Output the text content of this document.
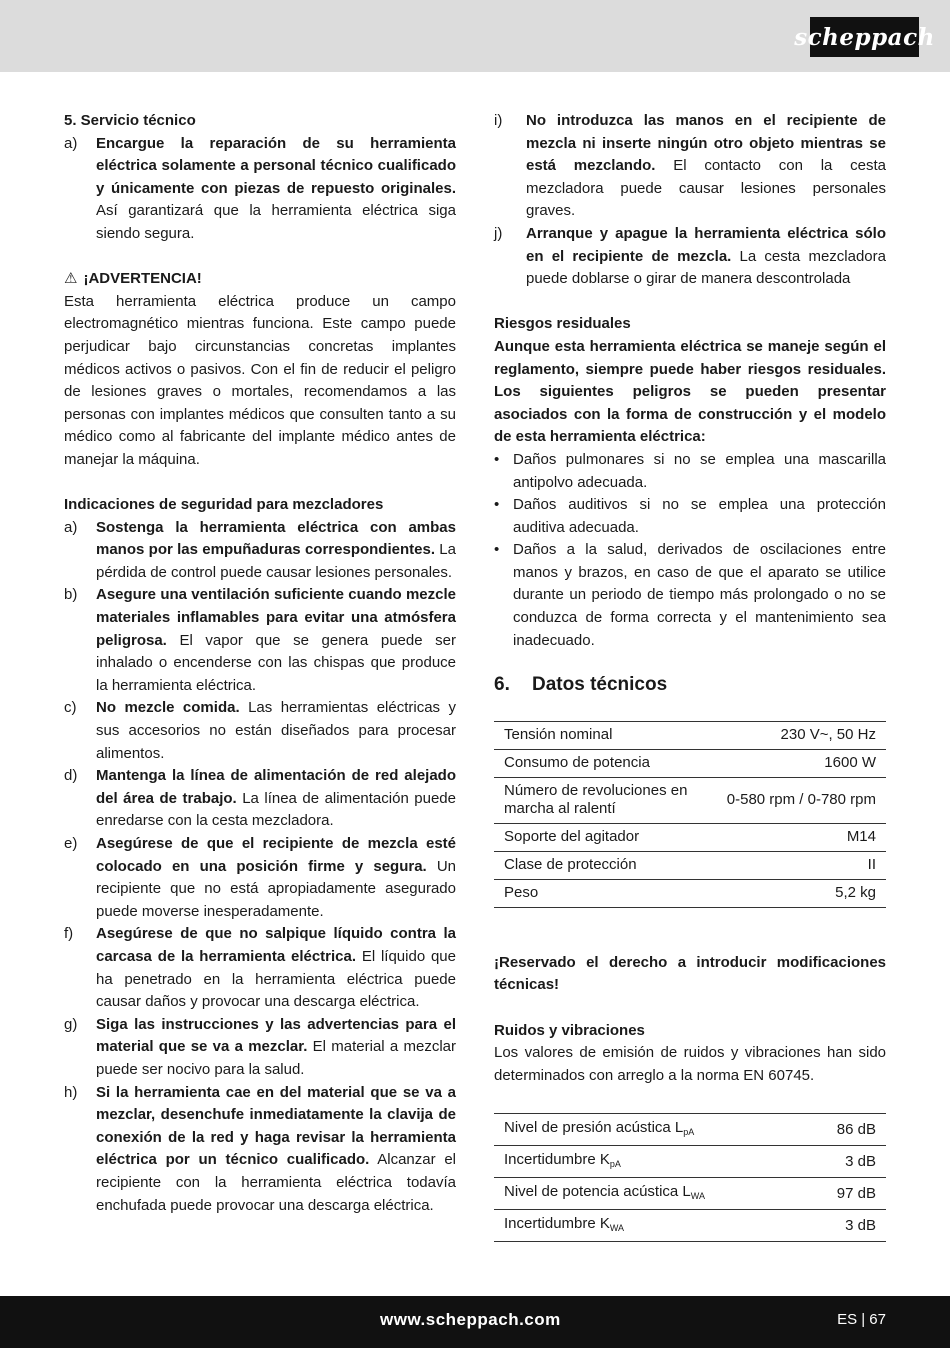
scheppach
5. Servicio técnico
a)	Encargue la reparación de su herramienta eléctrica solamente a personal técnico cualificado y únicamente con piezas de repuesto originales. Así garantizará que la herramienta eléctrica siga siendo segura.
⚠ ¡ADVERTENCIA!
Esta herramienta eléctrica produce un campo electromagnético mientras funciona. Este campo puede perjudicar bajo circunstancias concretas implantes médicos activos o pasivos. Con el fin de reducir el peligro de lesiones graves o mortales, recomendamos a las personas con implantes médicos que consulten tanto a su médico como al fabricante del implante médico antes de manejar la máquina.
Indicaciones de seguridad para mezcladores
a)	Sostenga la herramienta eléctrica con ambas manos por las empuñaduras correspondientes. La pérdida de control puede causar lesiones personales.
b)	Asegure una ventilación suficiente cuando mezcle materiales inflamables para evitar una atmósfera peligrosa. El vapor que se genera puede ser inhalado o encenderse con las chispas que produce la herramienta eléctrica.
c)	No mezcle comida. Las herramientas eléctricas y sus accesorios no están diseñados para procesar alimentos.
d)	Mantenga la línea de alimentación de red alejado del área de trabajo. La línea de alimentación puede enredarse con la cesta mezcladora.
e)	Asegúrese de que el recipiente de mezcla esté colocado en una posición firme y segura. Un recipiente que no está apropiadamente asegurado puede moverse inesperadamente.
f)	Asegúrese de que no salpique líquido contra la carcasa de la herramienta eléctrica. El líquido que ha penetrado en la herramienta eléctrica puede causar daños y provocar una descarga eléctrica.
g)	Siga las instrucciones y las advertencias para el material que se va a mezclar. El material a mezclar puede ser nocivo para la salud.
h)	Si la herramienta cae en del material que se va a mezclar, desenchufe inmediatamente la clavija de conexión de la red y haga revisar la herramienta eléctrica por un técnico cualificado. Alcanzar el recipiente con la herramienta eléctrica todavía enchufada puede provocar una descarga eléctrica.
i)	No introduzca las manos en el recipiente de mezcla ni inserte ningún otro objeto mientras se está mezclando. El contacto con la cesta mezcladora puede causar lesiones personales graves.
j)	Arranque y apague la herramienta eléctrica sólo en el recipiente de mezcla. La cesta mezcladora puede doblarse o girar de manera descontrolada
Riesgos residuales
Aunque esta herramienta eléctrica se maneje según el reglamento, siempre puede haber riesgos residuales. Los siguientes peligros se pueden presentar asociados con la forma de construcción y el modelo de esta herramienta eléctrica:
• Daños pulmonares si no se emplea una mascarilla antipolvo adecuada.
• Daños auditivos si no se emplea una protección auditiva adecuada.
• Daños a la salud, derivados de oscilaciones entre manos y brazos, en caso de que el aparato se utilice durante un periodo de tiempo más prolongado o no se conduzca de forma correcta y el mantenimiento sea inadecuado.
6.	Datos técnicos
Tensión nominal	230 V~, 50 Hz
Consumo de potencia	1600 W
Número de revoluciones en marcha al ralentí	0-580 rpm / 0-780 rpm
Soporte del agitador	M14
Clase de protección	II
Peso	5,2 kg
¡Reservado el derecho a introducir modificaciones técnicas!
Ruidos y vibraciones
Los valores de emisión de ruidos y vibraciones han sido determinados con arreglo a la norma EN 60745.
Nivel de presión acústica $L_{pA}$	86 dB
Incertidumbre $K_{pA}$	3 dB
Nivel de potencia acústica $L_{WA}$	97 dB
Incertidumbre $K_{WA}$	3 dB
www.scheppach.com	ES | 67
